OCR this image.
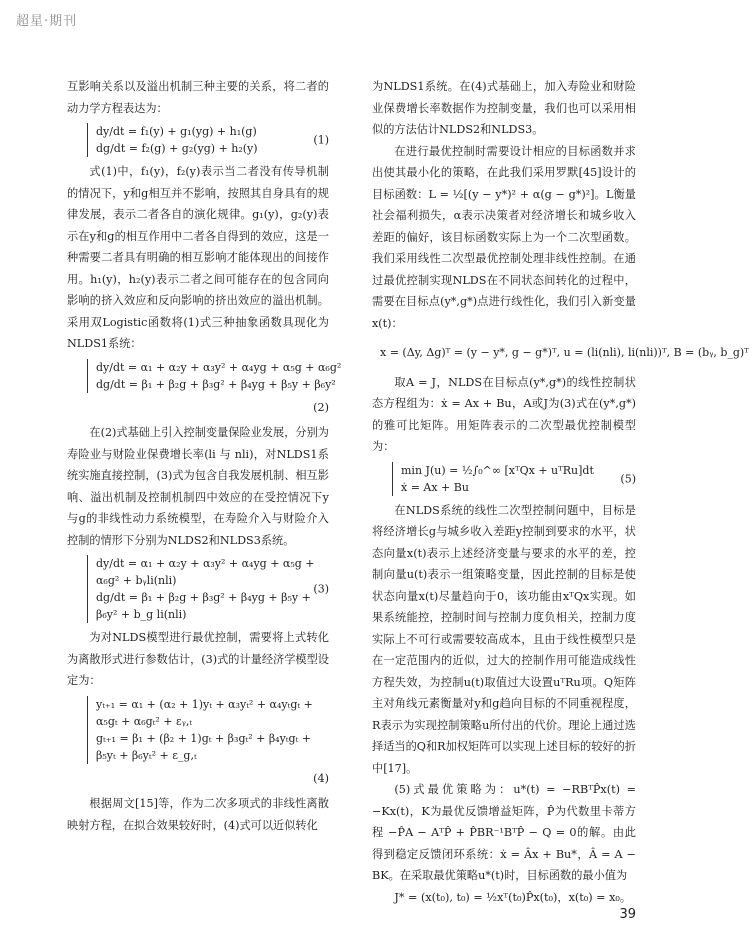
超星·期刊

互影响关系以及溢出机制三种主要的关系，将二者的动力学方程表达为：

dy/dt = f₁(y) + g₁(yg) + h₁(g)
dg/dt = f₂(g) + g₂(yg) + h₂(y)
(1)

式(1)中，f₁(y)，f₂(y)表示当二者没有传导机制的情况下，y和g相互并不影响，按照其自身具有的规律发展，表示二者各自的演化规律。g₁(y)，g₂(y)表示在y和g的相互作用中二者各自得到的效应，这是一种需要二者具有明确的相互影响才能体现出的间接作用。h₁(y)，h₂(y)表示二者之间可能存在的包含同向影响的挤入效应和反向影响的挤出效应的溢出机制。采用双Logistic函数将(1)式三种抽象函数具现化为NLDS1系统：

dy/dt = α₁ + α₂y + α₃y² + α₄yg + α₅g + α₆g²
dg/dt = β₁ + β₂g + β₃g² + β₄yg + β₅y + β₆y²
(2)

在(2)式基础上引入控制变量保险业发展，分别为寿险业与财险业保费增长率(li 与 nli)，对NLDS1系统实施直接控制，(3)式为包含自我发展机制、相互影响、溢出机制及控制机制四中效应的在受控情况下y与g的非线性动力系统模型，在寿险介入与财险介入控制的情形下分别为NLDS2和NLDS3系统。

dy/dt = α₁ + α₂y + α₃y² + α₄yg + α₅g +
α₆g² + bᵧli(nli)
dg/dt = β₁ + β₂g + β₃g² + β₄yg + β₅y +
β₆y² + b_g li(nli)
(3)

为对NLDS模型进行最优控制，需要将上式转化为离散形式进行参数估计，(3)式的计量经济学模型设定为：

yₜ₊₁ = α₁ + (α₂ + 1)yₜ + α₃yₜ² + α₄yₜgₜ +
α₅gₜ + α₆gₜ² + εᵧ,ₜ
gₜ₊₁ = β₁ + (β₂ + 1)gₜ + β₃gₜ² + β₄yₜgₜ +
β₅yₜ + β₆yₜ² + ε_g,ₜ
(4)

根据周文[15]等，作为二次多项式的非线性离散映射方程，在拟合效果较好时，(4)式可以近似转化

为NLDS1系统。在(4)式基础上，加入寿险业和财险业保费增长率数据作为控制变量，我们也可以采用相似的方法估计NLDS2和NLDS3。

在进行最优控制时需要设计相应的目标函数并求出使其最小化的策略，在此我们采用罗默[45]设计的目标函数：L = ½[(y − y*)² + α(g − g*)²]。L衡量社会福利损失，α表示决策者对经济增长和城乡收入差距的偏好，该目标函数实际上为一个二次型函数。我们采用线性二次型最优控制处理非线性控制。在通过最优控制实现NLDS在不同状态间转化的过程中，需要在目标点(y*,g*)点进行线性化，我们引入新变量x(t)：

x = (Δy, Δg)ᵀ = (y − y*, g − g*)ᵀ, u = (li(nli), li(nli))ᵀ, B = (bᵧ, b_g)ᵀ

取A = J，NLDS在目标点(y*,g*)的线性控制状态方程组为：ẋ = Ax + Bu，A或J为(3)式在(y*,g*)的雅可比矩阵。用矩阵表示的二次型最优控制模型为：

min J(u) = ½∫₀^∞ [xᵀQx + uᵀRu]dt
ẋ = Ax + Bu
(5)

在NLDS系统的线性二次型控制问题中，目标是将经济增长g与城乡收入差距y控制到要求的水平，状态向量x(t)表示上述经济变量与要求的水平的差，控制向量u(t)表示一组策略变量，因此控制的目标是使状态向量x(t)尽量趋向于0，该功能由xᵀQx实现。如果系统能控，控制时间与控制力度负相关，控制力度实际上不可行或需要较高成本，且由于线性模型只是在一定范围内的近似，过大的控制作用可能造成线性方程失效，为控制u(t)取值过大设置uᵀRu项。Q矩阵主对角线元素衡量对y和g趋向目标的不同重视程度，R表示为实现控制策略u所付出的代价。理论上通过选择适当的Q和R加权矩阵可以实现上述目标的较好的折中[17]。

(5)式最优策略为：u*(t) = −RBᵀP̂x(t) = −Kx(t)，K为最优反馈增益矩阵，P̂为代数里卡蒂方程 −P̂A − AᵀP̂ + P̂BR⁻¹BᵀP̂ − Q = 0的解。由此得到稳定反馈闭环系统：ẋ = Âx + Bu*，Â = A − BK。在采取最优策略u*(t)时，目标函数的最小值为

J* = (x(t₀), t₀) = ½xᵀ(t₀)P̂x(t₀)，x(t₀) = x₀。

39
